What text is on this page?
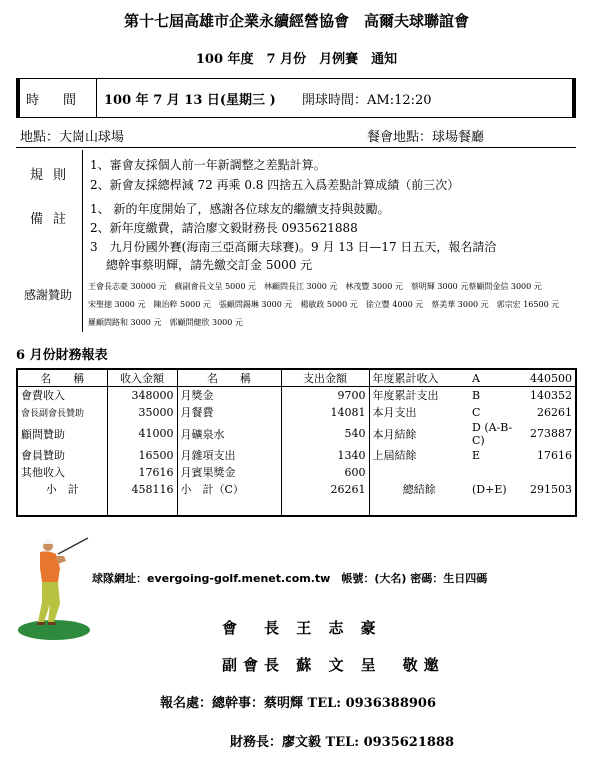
第十七屆高雄市企業永續經營協會　高爾夫球聯誼會
100 年度　7 月份　月例賽　通知
時間 100 年 7 月 13 日(星期三 ) 開球時間：AM:12:20
地點：大崗山球場	餐會地點：球場餐廳
規則
1、審會友採個人前一年新調整之差點計算。
2、新會友採總桿減 72 再乘 0.8 四捨五入爲差點計算成績（前三次）
備註
1、 新的年度開始了，感謝各位球友的繼續支持與鼓勵。
2、新年度繳費，請洽廖文毅財務長 0935621888
3　九月份國外賽(海南三亞高爾夫球賽)。9 月 13 日—17 日五天，報名請洽
總幹事蔡明輝，請先繳交訂金 5000 元
感謝贊助
王會長志豪 30000 元　蘇副會長文呈 5000 元　林顧問長江 3000 元　林茂豐 3000 元　蔡明輝 3000 元蔡顧問金信 3000 元
宋聖徳 3000 元　陳治粹 5000 元　張顧問錫琳 3000 元　楊敏政 5000 元　徐立豐 4000 元　蔡美華 3000 元　郭宗宏 16500 元
羅顧問路和 3000 元　郭顧問健欣 3000 元
6 月份財務報表
名　　稱	收入金額	名　　稱	支出金額	年度累計收入	A	440500
會費收入	348000	月獎金	9700	年度累計支出	B	140352
會長副會長贊助	35000	月餐費	14081	本月支出	C	26261
顧問贊助	41000	月礦泉水	540	本月結餘	D (A-B-C)	273887
會員贊助	16500	月雜項支出	1340	上屆結餘	E	17616
其他收入	17616	月賓果獎金	600			
小　計	458116	小　計（C）	26261	總結餘	(D+E)	291503

球隊網址：evergoing-golf.menet.com.tw　帳號：(大名) 密碼：生日四碼
會　長 王 志 豪
副會長 蘇 文 呈　敬邀
報名處：總幹事：蔡明輝 TEL: 0936388906
財務長：廖文毅 TEL: 0935621888
